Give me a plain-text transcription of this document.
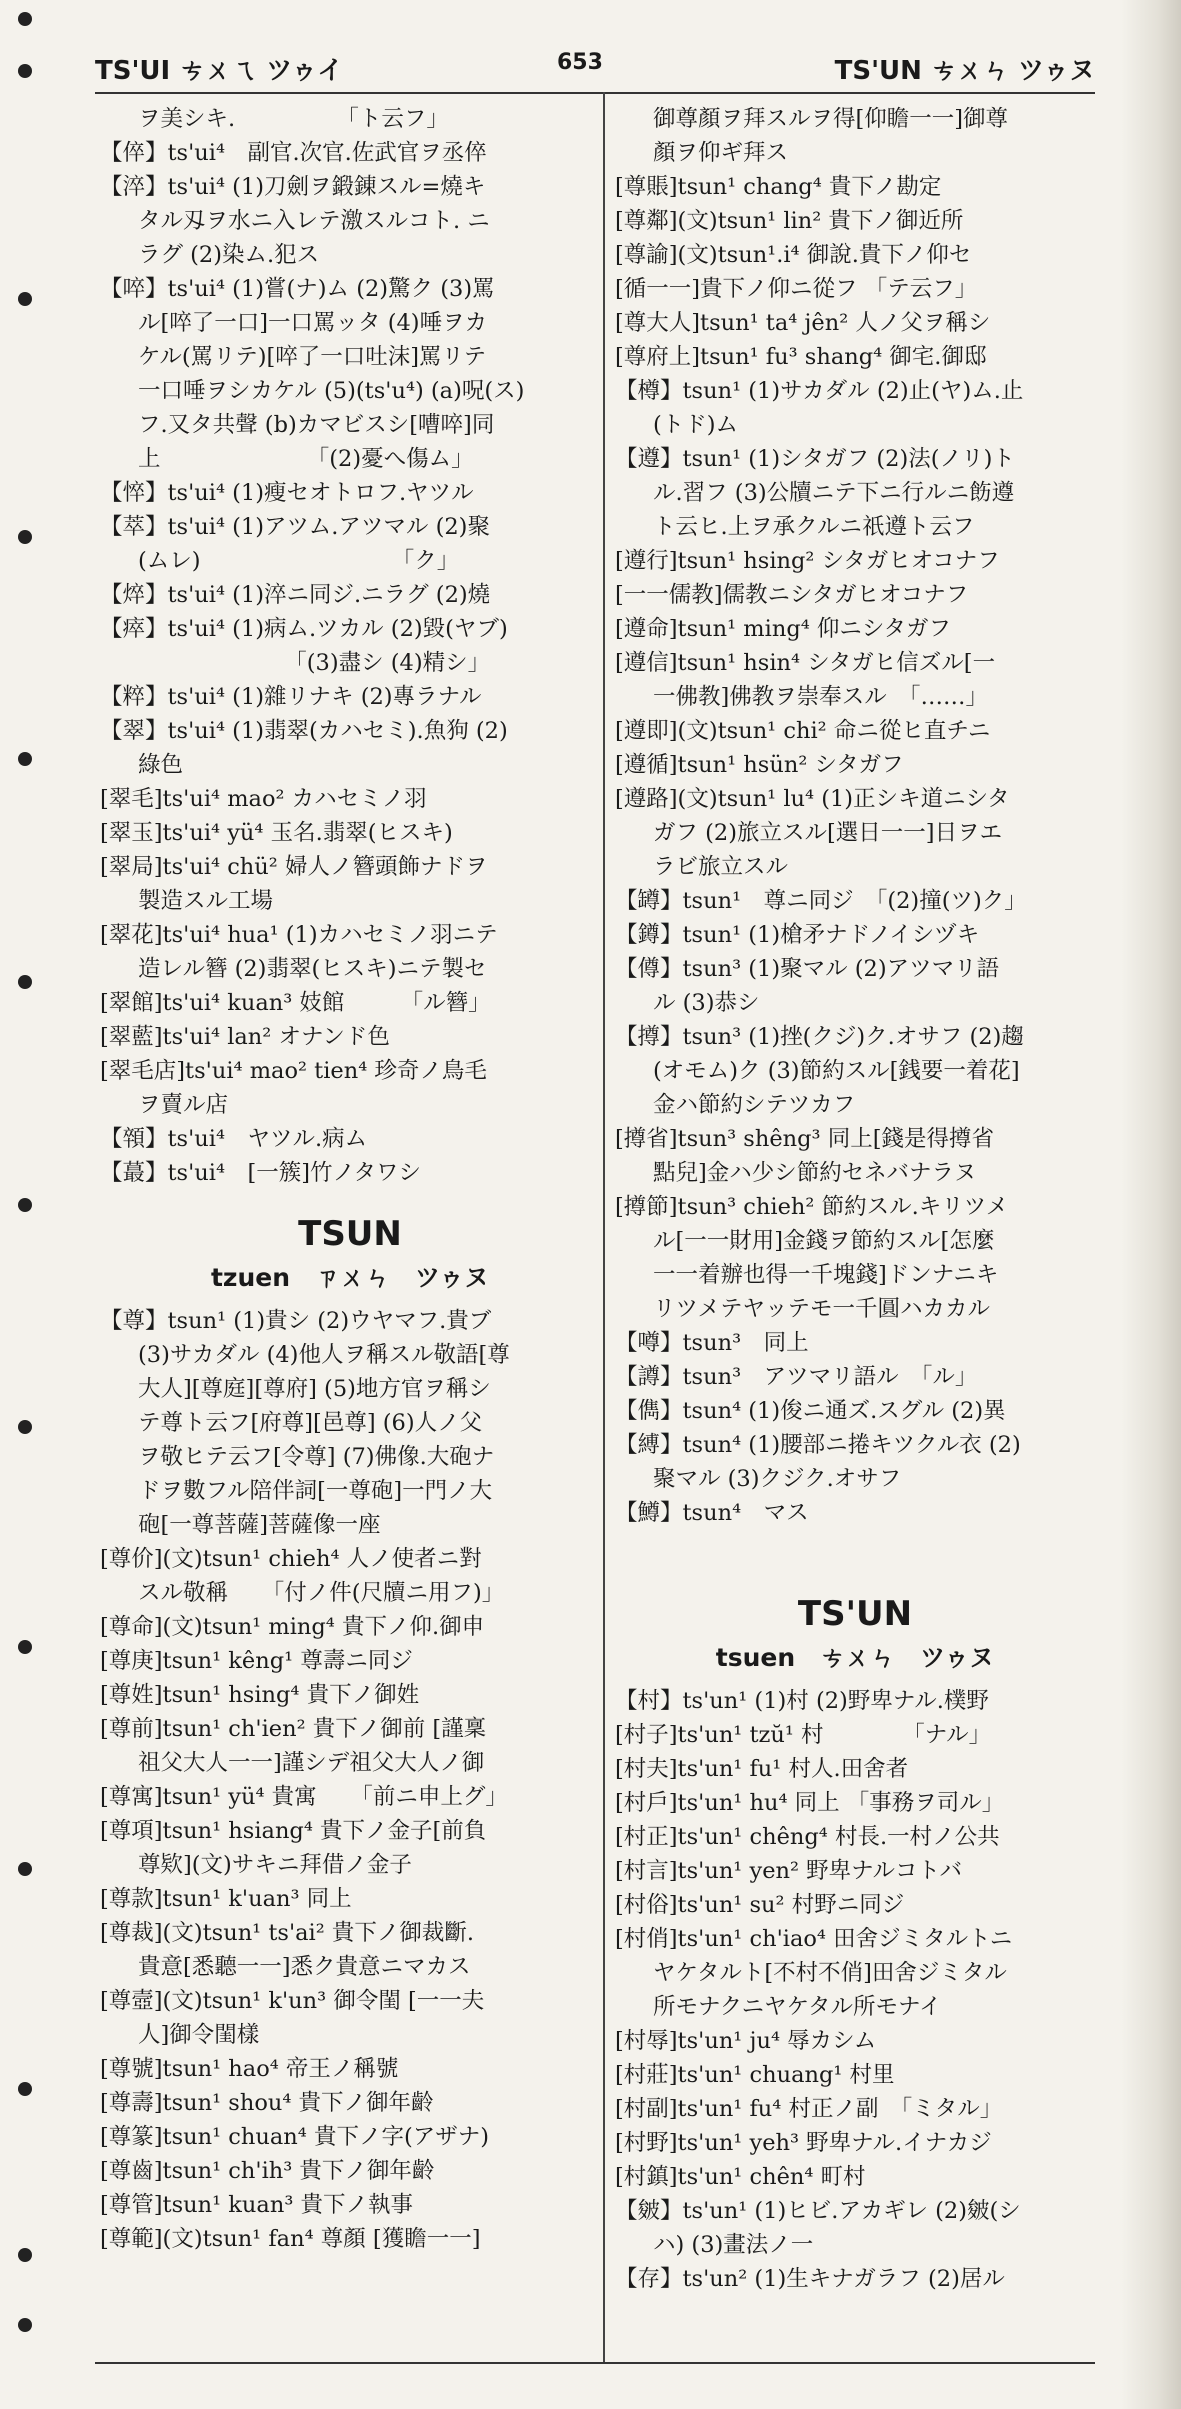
TS'UI ㄘㄨㄟ ツゥイ	653	TS'UN ㄘㄨㄣ ツゥヌ

ヲ美シキ.　　　　　「ト云フ」

【倅】ts'ui⁴　副官.次官.佐武官ヲ丞倅

【淬】ts'ui⁴ (1)刀劍ヲ鍛錬スル=燒キ

タル刄ヲ水ニ入レテ激スルコト. ニ

ラグ (2)染ム.犯ス

【啐】ts'ui⁴ (1)嘗(ナ)ム (2)驚ク (3)罵

ル[啐了一口]一口罵ッタ (4)唾ヲカ

ケル(罵リテ)[啐了一口吐沫]罵リテ

一口唾ヲシカケル (5)(ts'u⁴) (a)呪(ス)

フ.又タ共聲 (b)カマビスシ[嘈啐]同

上　　　　　　　「(2)憂へ傷ム」

【悴】ts'ui⁴ (1)瘦セオトロフ.ヤツル

【萃】ts'ui⁴ (1)アツム.アツマル (2)聚

(ムレ)　　　　　　　　　「ク」

【焠】ts'ui⁴ (1)淬ニ同ジ.ニラグ (2)燒

【瘁】ts'ui⁴ (1)病ム.ツカル (2)毀(ヤブ)

　　　　　　　「(3)盡シ (4)精シ」

【粹】ts'ui⁴ (1)雜リナキ (2)專ラナル

【翠】ts'ui⁴ (1)翡翠(カハセミ).魚狗 (2)

綠色

[翠毛]ts'ui⁴ mao² カハセミノ羽

[翠玉]ts'ui⁴ yü⁴ 玉名.翡翠(ヒスキ)

[翠局]ts'ui⁴ chü² 婦人ノ簪頭飾ナドヲ

製造スル工場

[翠花]ts'ui⁴ hua¹ (1)カハセミノ羽ニテ

造レル簪 (2)翡翠(ヒスキ)ニテ製セ

[翠館]ts'ui⁴ kuan³ 妓館　　　「ル簪」

[翠藍]ts'ui⁴ lan² オナンド色

[翠毛店]ts'ui⁴ mao² tien⁴ 珍奇ノ鳥毛

ヲ賣ル店

【顇】ts'ui⁴　ヤツル.病ム

【蕞】ts'ui⁴　[一簇]竹ノタワシ

TSUN
tzuen　ㄗㄨㄣ　ツゥヌ

【尊】tsun¹ (1)貴シ (2)ウヤマフ.貴ブ

(3)サカダル (4)他人ヲ稱スル敬語[尊

大人][尊庭][尊府] (5)地方官ヲ稱シ

テ尊ト云フ[府尊][邑尊] (6)人ノ父

ヲ敬ヒテ云フ[令尊] (7)佛像.大砲ナ

ドヲ數フル陪伴詞[一尊砲]一門ノ大

砲[一尊菩薩]菩薩像一座

[尊价](文)tsun¹ chieh⁴ 人ノ使者ニ對

スル敬稱　　「付ノ件(尺牘ニ用フ)」

[尊命](文)tsun¹ ming⁴ 貴下ノ仰.御申

[尊庚]tsun¹ kêng¹ 尊壽ニ同ジ

[尊姓]tsun¹ hsing⁴ 貴下ノ御姓

[尊前]tsun¹ ch'ien² 貴下ノ御前 [謹稟

祖父大人一一]謹シデ祖父大人ノ御

[尊寓]tsun¹ yü⁴ 貴寓　　「前ニ申上グ」

[尊項]tsun¹ hsiang⁴ 貴下ノ金子[前負

尊欵](文)サキニ拜借ノ金子

[尊款]tsun¹ k'uan³ 同上

[尊裁](文)tsun¹ ts'ai² 貴下ノ御裁斷.

貴意[悉聽一一]悉ク貴意ニマカス

[尊壼](文)tsun¹ k'un³ 御令閨 [一一夫

人]御令閨樣

[尊號]tsun¹ hao⁴ 帝王ノ稱號

[尊壽]tsun¹ shou⁴ 貴下ノ御年齡

[尊篆]tsun¹ chuan⁴ 貴下ノ字(アザナ)

[尊齒]tsun¹ ch'ih³ 貴下ノ御年齡

[尊管]tsun¹ kuan³ 貴下ノ執事

[尊範](文)tsun¹ fan⁴ 尊顏 [獲瞻一一]

御尊顏ヲ拜スルヲ得[仰瞻一一]御尊

顏ヲ仰ギ拜ス

[尊賬]tsun¹ chang⁴ 貴下ノ勘定

[尊鄰](文)tsun¹ lin² 貴下ノ御近所

[尊諭](文)tsun¹.i⁴ 御說.貴下ノ仰セ

[循一一]貴下ノ仰ニ從フ 「テ云フ」

[尊大人]tsun¹ ta⁴ jên² 人ノ父ヲ稱シ

[尊府上]tsun¹ fu³ shang⁴ 御宅.御邸

【樽】tsun¹ (1)サカダル (2)止(ヤ)ム.止

(トド)ム

【遵】tsun¹ (1)シタガフ (2)法(ノリ)ト

ル.習フ (3)公牘ニテ下ニ行ルニ飭遵

ト云ヒ.上ヲ承クルニ祇遵ト云フ

[遵行]tsun¹ hsing² シタガヒオコナフ

[一一儒教]儒教ニシタガヒオコナフ

[遵命]tsun¹ ming⁴ 仰ニシタガフ

[遵信]tsun¹ hsin⁴ シタガヒ信ズル[一

一佛教]佛教ヲ崇奉スル　「……」

[遵即](文)tsun¹ chi² 命ニ從ヒ直チニ

[遵循]tsun¹ hsün² シタガフ

[遵路](文)tsun¹ lu⁴ (1)正シキ道ニシタ

ガフ (2)旅立スル[選日一一]日ヲエ

ラビ旅立スル

【罇】tsun¹　尊ニ同ジ　「(2)撞(ツ)ク」

【鐏】tsun¹ (1)槍矛ナドノイシヅキ

【僔】tsun³ (1)聚マル (2)アツマリ語

ル (3)恭シ

【撙】tsun³ (1)挫(クジ)ク.オサフ (2)趨

(オモム)ク (3)節約スル[銭要一着花]

金ハ節約シテツカフ

[撙省]tsun³ shêng³ 同上[錢是得撙省

點兒]金ハ少シ節約セネバナラヌ

[撙節]tsun³ chieh² 節約スル.キリツメ

ル[一一財用]金錢ヲ節約スル[怎麼

一一着辦也得一千塊錢]ドンナニキ

リツメテヤッテモ一千圓ハカカル

【噂】tsun³　同上

【譐】tsun³　アツマリ語ル　「ル」

【儁】tsun⁴ (1)俊ニ通ズ.スグル (2)異

【縛】tsun⁴ (1)腰部ニ捲キツクル衣 (2)

聚マル (3)クジク.オサフ

【鱒】tsun⁴　マス

TS'UN
tsuen　ㄘㄨㄣ　ツゥヌ

【村】ts'un¹ (1)村 (2)野卑ナル.樸野

[村子]ts'un¹ tzŭ¹ 村　　　　「ナル」

[村夫]ts'un¹ fu¹ 村人.田舍者

[村戶]ts'un¹ hu⁴ 同上 「事務ヲ司ル」

[村正]ts'un¹ chêng⁴ 村長.一村ノ公共

[村言]ts'un¹ yen² 野卑ナルコトバ

[村俗]ts'un¹ su² 村野ニ同ジ

[村俏]ts'un¹ ch'iao⁴ 田舍ジミタルトニ

ヤケタルト[不村不俏]田舍ジミタル

所モナクニヤケタル所モナイ

[村辱]ts'un¹ ju⁴ 辱カシム

[村莊]ts'un¹ chuang¹ 村里

[村副]ts'un¹ fu⁴ 村正ノ副　「ミタル」

[村野]ts'un¹ yeh³ 野卑ナル.イナカジ

[村鎮]ts'un¹ chên⁴ 町村

【皴】ts'un¹ (1)ヒビ.アカギレ (2)皴(シ

ハ) (3)畫法ノ一

【存】ts'un² (1)生キナガラフ (2)居ル
